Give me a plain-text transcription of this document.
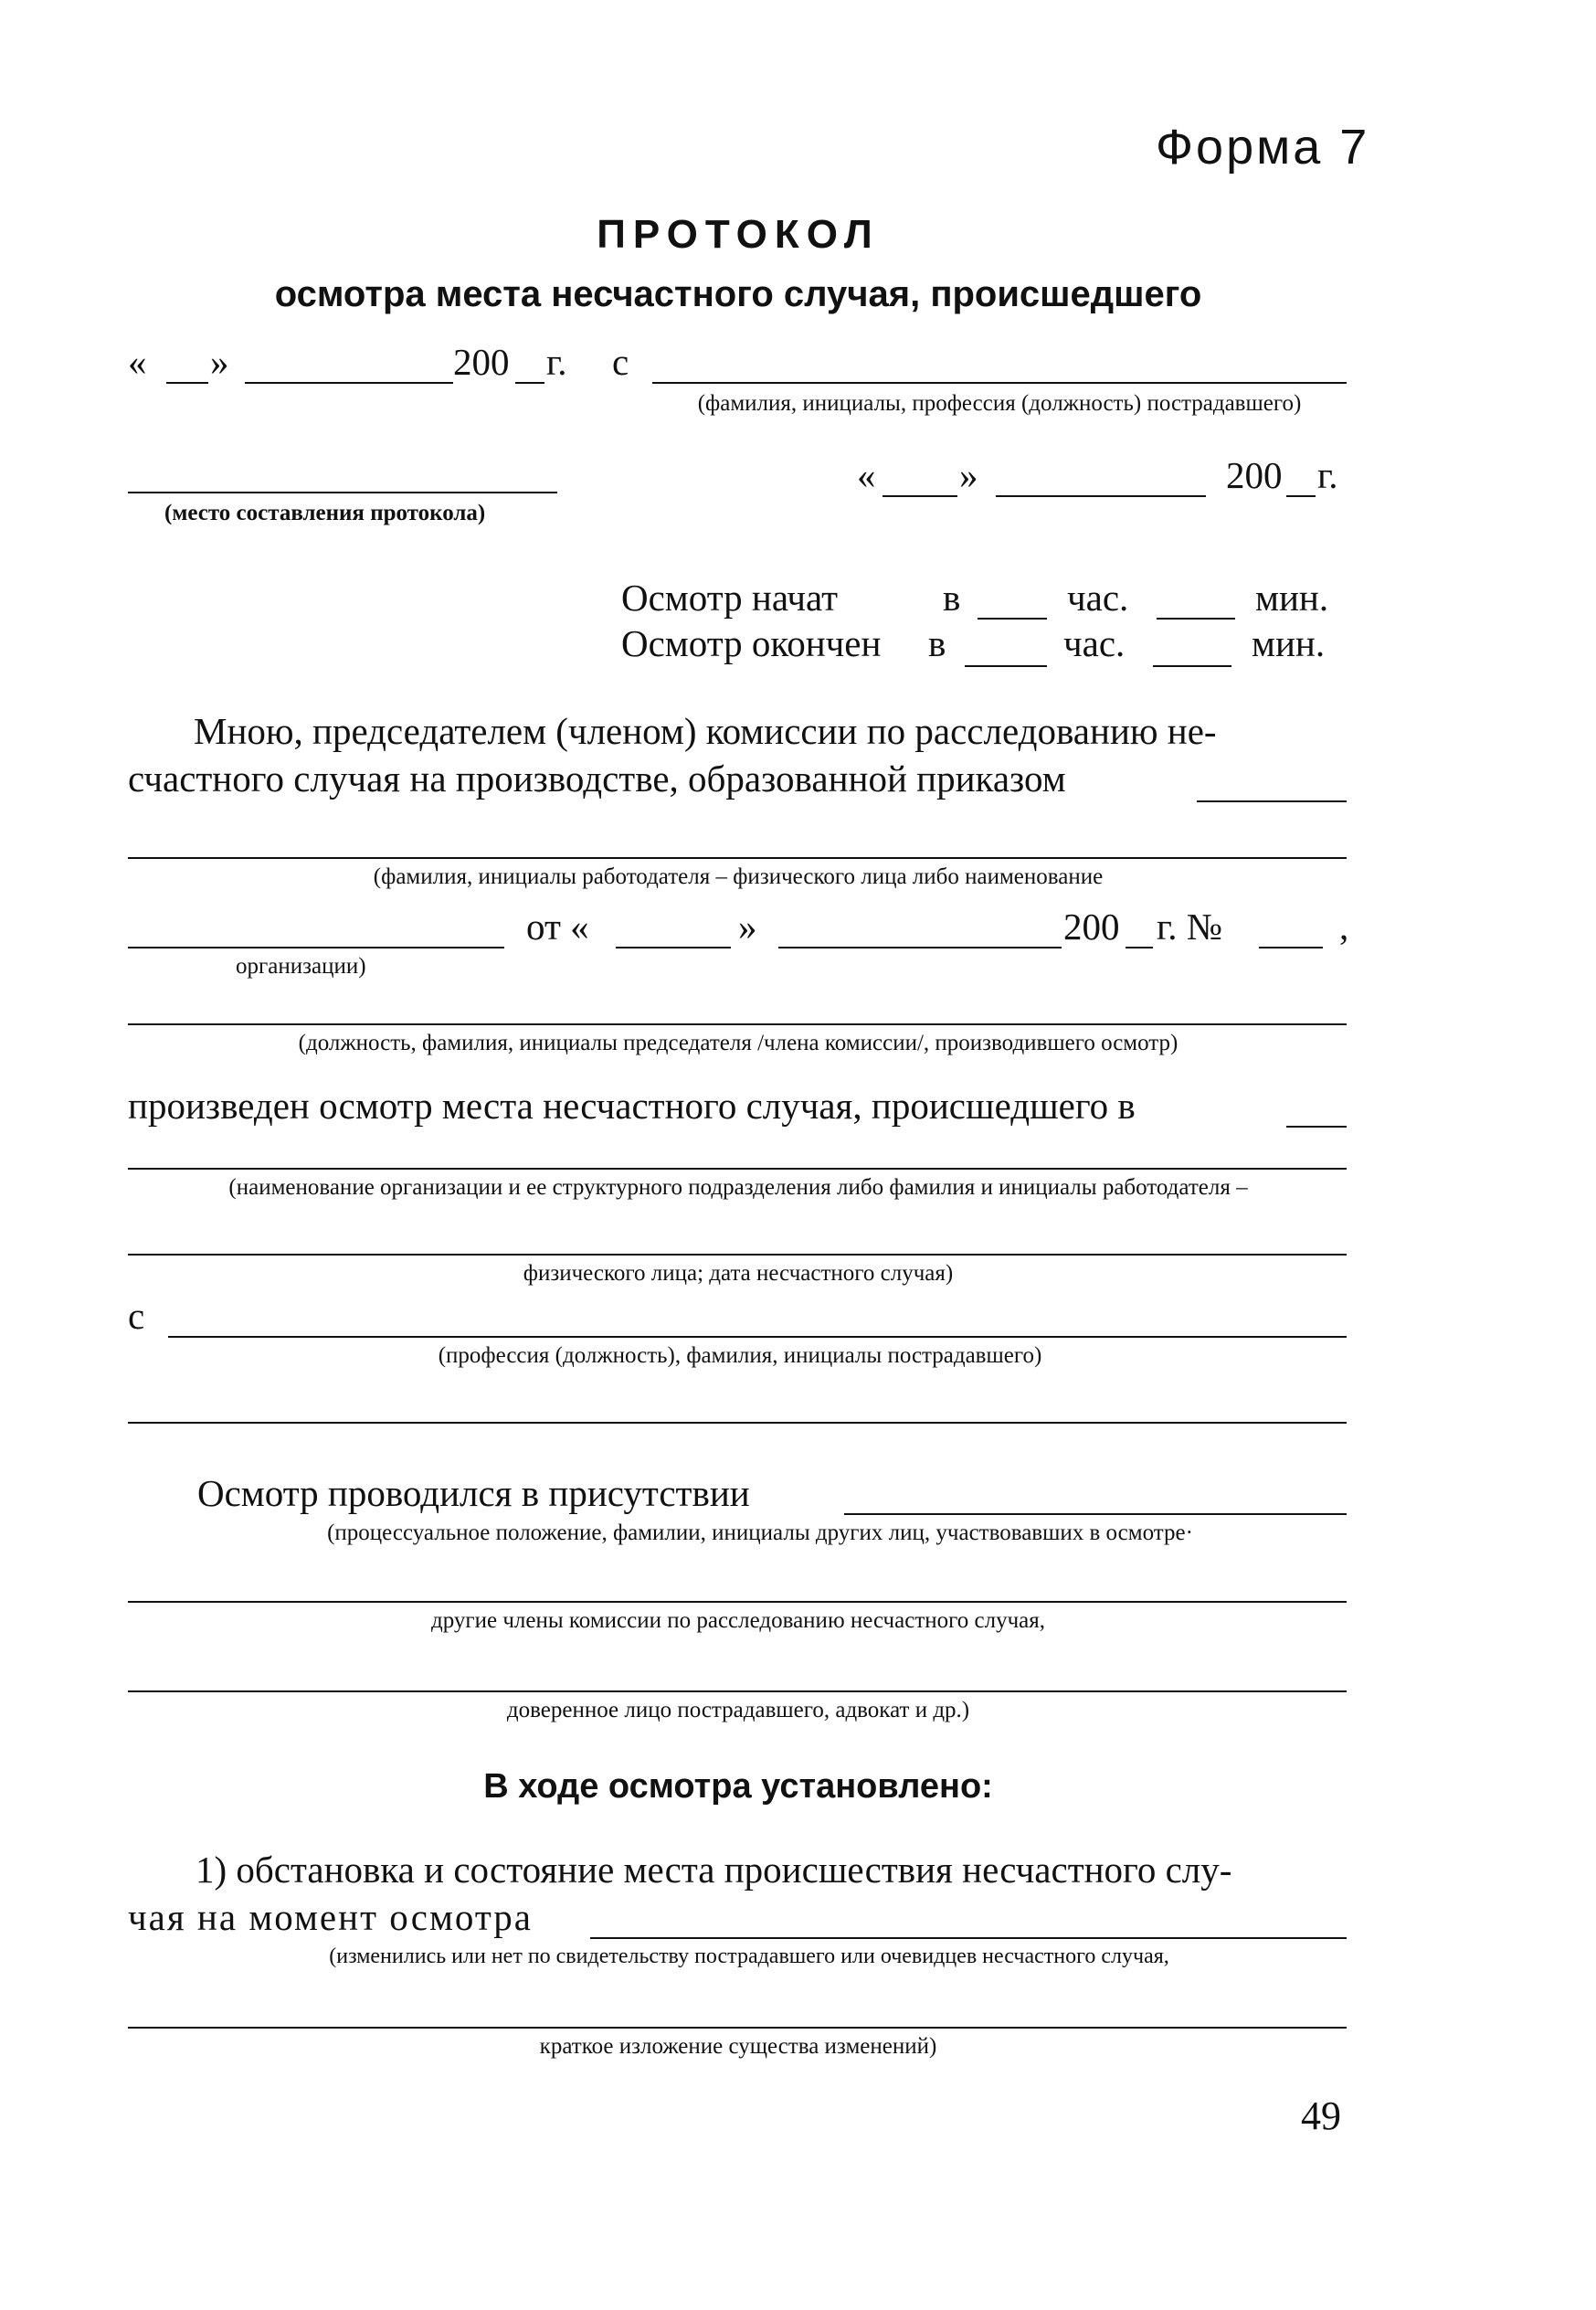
Форма 7
ПРОТОКОЛ
осмотра места несчастного случая, происшедшего
« »	200 г. с
(фамилия, инициалы, профессия (должность) пострадавшего)
(место составления протокола)
« »	200 г.
Осмотр начат	в	час.	мин.
Осмотр окончен в	час.	мин.
Мною, председателем (членом) комиссии по расследованию не-
счастного случая на производстве, образованной приказом
(фамилия, инициалы работодателя – физического лица либо наименование
от «	»	200 г. №	,
организации)
(должность, фамилия, инициалы председателя /члена комиссии/, производившего осмотр)
произведен осмотр места несчастного случая, происшедшего в
(наименование организации и ее структурного подразделения либо фамилия и инициалы работодателя –
физического лица; дата несчастного случая)
с
(профессия (должность), фамилия, инициалы пострадавшего)
Осмотр проводился в присутствии
(процессуальное положение, фамилии, инициалы других лиц, участвовавших в осмотре·
другие члены комиссии по расследованию несчастного случая,
доверенное лицо пострадавшего, адвокат и др.)
В ходе осмотра установлено:
1) обстановка и состояние места происшествия несчастного слу-
чая на момент осмотра
(изменились или нет по свидетельству пострадавшего или очевидцев несчастного случая,
краткое изложение существа изменений)
49
